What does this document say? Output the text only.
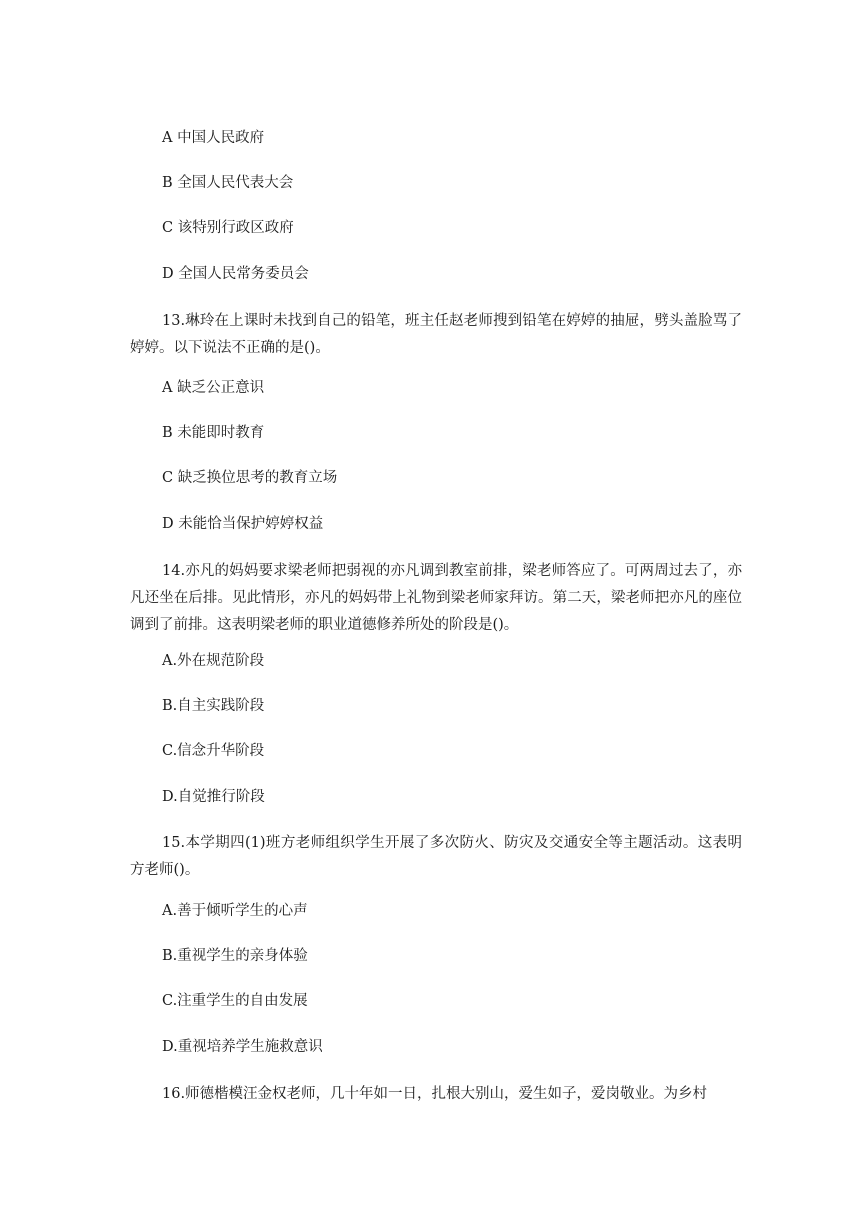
A 中国人民政府
B 全国人民代表大会
C 该特别行政区政府
D 全国人民常务委员会
13.琳玲在上课时未找到自己的铅笔，班主任赵老师搜到铅笔在婷婷的抽屉，劈头盖脸骂了婷婷。以下说法不正确的是()。
A 缺乏公正意识
B 未能即时教育
C 缺乏换位思考的教育立场
D 未能恰当保护婷婷权益
14.亦凡的妈妈要求梁老师把弱视的亦凡调到教室前排，梁老师答应了。可两周过去了，亦凡还坐在后排。见此情形，亦凡的妈妈带上礼物到梁老师家拜访。第二天，梁老师把亦凡的座位调到了前排。这表明梁老师的职业道德修养所处的阶段是()。
A.外在规范阶段
B.自主实践阶段
C.信念升华阶段
D.自觉推行阶段
15.本学期四(1)班方老师组织学生开展了多次防火、防灾及交通安全等主题活动。这表明方老师()。
A.善于倾听学生的心声
B.重视学生的亲身体验
C.注重学生的自由发展
D.重视培养学生施救意识
16.师德楷模汪金权老师，几十年如一日，扎根大别山，爱生如子，爱岗敬业。为乡村
